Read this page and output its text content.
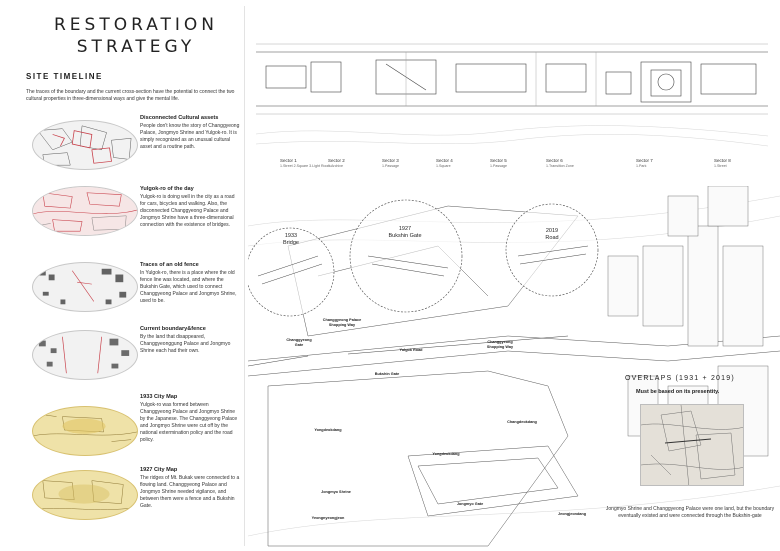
RESTORATION
STRATEGY
SITE TIMELINE
The traces of the boundary and the current cross-section have the potential to connect the two cultural properties in three-dimensional ways and give the mental life.
Disconnected Cultural assets
People don't know the story of Changgyeong Palace, Jongmyo Shrine and Yulgok-ro. It is simply recognized as an unusual cultural asset and a routine path.
Yulgok-ro of the day
Yulgok-ro is doing well in the city as a road for cars, bicycles and walking. Also, the disconnected Changgyeong Palace and Jongmyo Shrine have a three-dimensional connection with the existence of bridges.
Traces of an old fence
In Yulgok-ro, there is a place where the old fence line was located, and where the Bukshin Gate, which used to connect Changgyeong Palace and Jongmyo Shrine, used to be.
Current boundary&fence
By the land that disappeared, Changgyeonggung Palace and Jongmyo Shrine each had their own.
1933 City Map
Yulgok-ro was formed between Changgyeong Palace and Jongmyo Shrine by the Japanese. The Changgyeong Palace and Jongmyo Shrine were cut off by the national extermination policy and the road policy.
1927 City Map
The ridges of Mt. Bukak were connected to a flowing land. Changgyeong Palace and Jongmyo Shrine needed vigilance, and between them were a fence and a Bukshin Gate.
Sector 1
1.Street 2.Square 3.Light Room
Sector 2
1.Archive
Sector 3
1.Passage
Sector 4
1.Square
Sector 5
1.Passage
Sector 6
1.Transition Zone
Sector 7
1.Park
Sector 8
1.Street
1933
Bridge
1927
Bukshin Gate
2019
Road
Changgyeong Palace Shopping Way
Changgyeong Gate
Yulgok Road
Changgyeong Shopping Way
Bukshin Gate
Yongdeokdang
Changdeokdang
Yongdeokdang
Jongmyo Shrine
Yeongnyeongjeon
Jongmyo Gate
Jeongjeondang
OVERLAPS (1931 + 2019)
Must be based on its presentity.
Jongmyo Shrine and Changgyeong Palace were one land, but the boundary eventually existed and were connected through the Bukshin-gate
